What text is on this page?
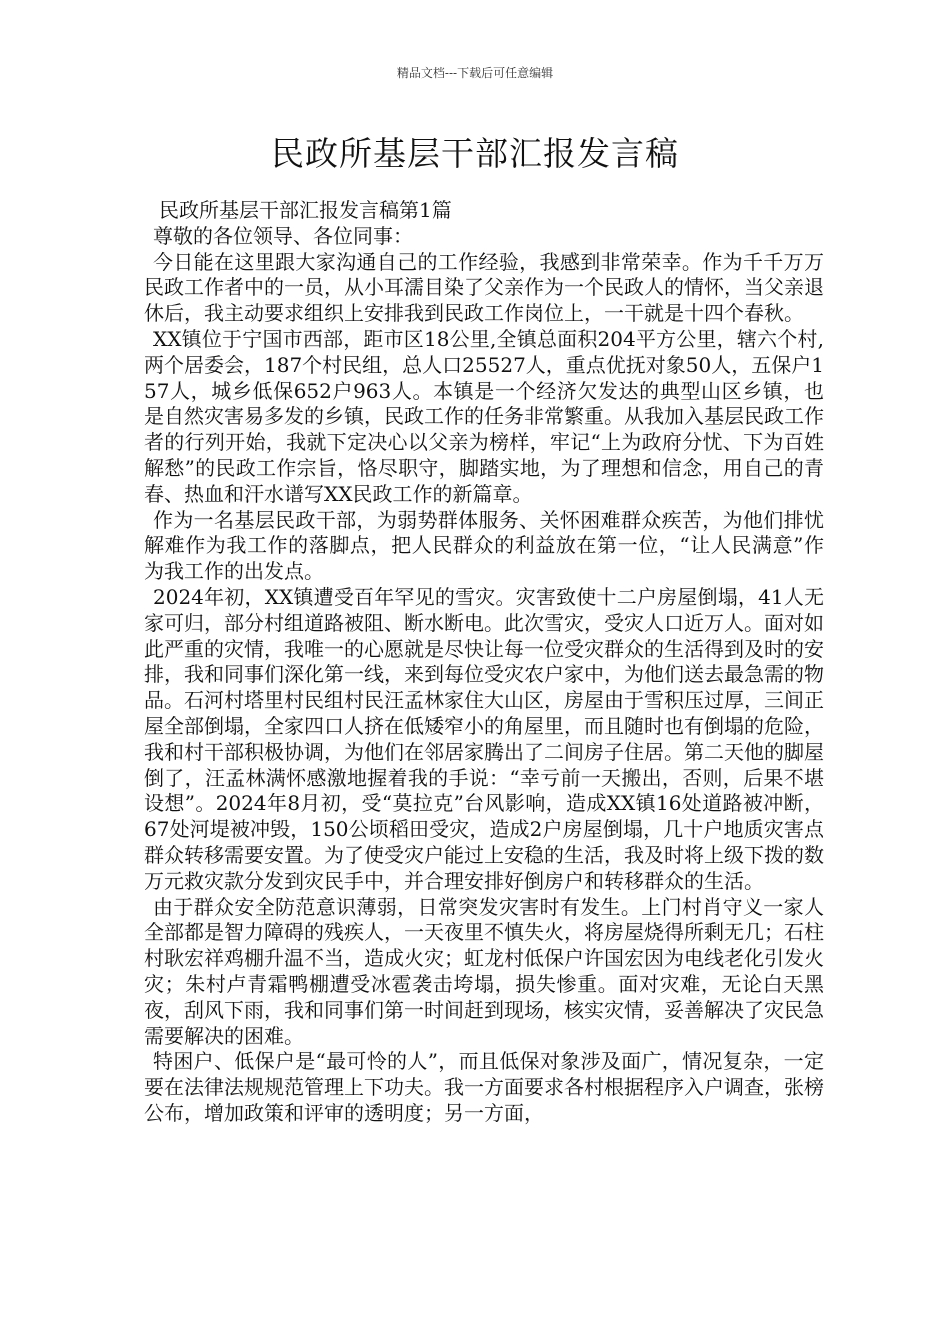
精品文档---下载后可任意编辑
民政所基层干部汇报发言稿

民政所基层干部汇报发言稿第1篇

尊敬的各位领导、各位同事：

今日能在这里跟大家沟通自己的工作经验，我感到非常荣幸。作为千千万万民政工作者中的一员，从小耳濡目染了父亲作为一个民政人的情怀，当父亲退休后，我主动要求组织上安排我到民政工作岗位上，一干就是十四个春秋。

XX镇位于宁国市西部，距市区18公里,全镇总面积204平方公里，辖六个村,两个居委会，187个村民组，总人口25527人，重点优抚对象50人，五保户157人，城乡低保652户963人。本镇是一个经济欠发达的典型山区乡镇，也是自然灾害易多发的乡镇，民政工作的任务非常繁重。从我加入基层民政工作者的行列开始，我就下定决心以父亲为榜样，牢记“上为政府分忧、下为百姓解愁”的民政工作宗旨，恪尽职守，脚踏实地，为了理想和信念，用自己的青春、热血和汗水谱写XX民政工作的新篇章。

作为一名基层民政干部，为弱势群体服务、关怀困难群众疾苦，为他们排忧解难作为我工作的落脚点，把人民群众的利益放在第一位，“让人民满意”作为我工作的出发点。

2024年初，XX镇遭受百年罕见的雪灾。灾害致使十二户房屋倒塌，41人无家可归，部分村组道路被阻、断水断电。此次雪灾，受灾人口近万人。面对如此严重的灾情，我唯一的心愿就是尽快让每一位受灾群众的生活得到及时的安排，我和同事们深化第一线，来到每位受灾农户家中，为他们送去最急需的物品。石河村塔里村民组村民汪孟林家住大山区，房屋由于雪积压过厚，三间正屋全部倒塌，全家四口人挤在低矮窄小的角屋里，而且随时也有倒塌的危险，我和村干部积极协调，为他们在邻居家腾出了二间房子住居。第二天他的脚屋倒了，汪孟林满怀感激地握着我的手说：“幸亏前一天搬出，否则，后果不堪设想”。2024年8月初，受“莫拉克”台风影响，造成XX镇16处道路被冲断，67处河堤被冲毁，150公顷稻田受灾，造成2户房屋倒塌，几十户地质灾害点群众转移需要安置。为了使受灾户能过上安稳的生活，我及时将上级下拨的数万元救灾款分发到灾民手中，并合理安排好倒房户和转移群众的生活。

由于群众安全防范意识薄弱，日常突发灾害时有发生。上门村肖守义一家人全部都是智力障碍的残疾人，一天夜里不慎失火，将房屋烧得所剩无几；石柱村耿宏祥鸡棚升温不当，造成火灾；虹龙村低保户许国宏因为电线老化引发火灾；朱村卢青霜鸭棚遭受冰雹袭击垮塌，损失惨重。面对灾难，无论白天黑夜，刮风下雨，我和同事们第一时间赶到现场，核实灾情，妥善解决了灾民急需要解决的困难。

特困户、低保户是“最可怜的人”，而且低保对象涉及面广，情况复杂，一定要在法律法规规范管理上下功夫。我一方面要求各村根据程序入户调查，张榜公布，增加政策和评审的透明度；另一方面，
